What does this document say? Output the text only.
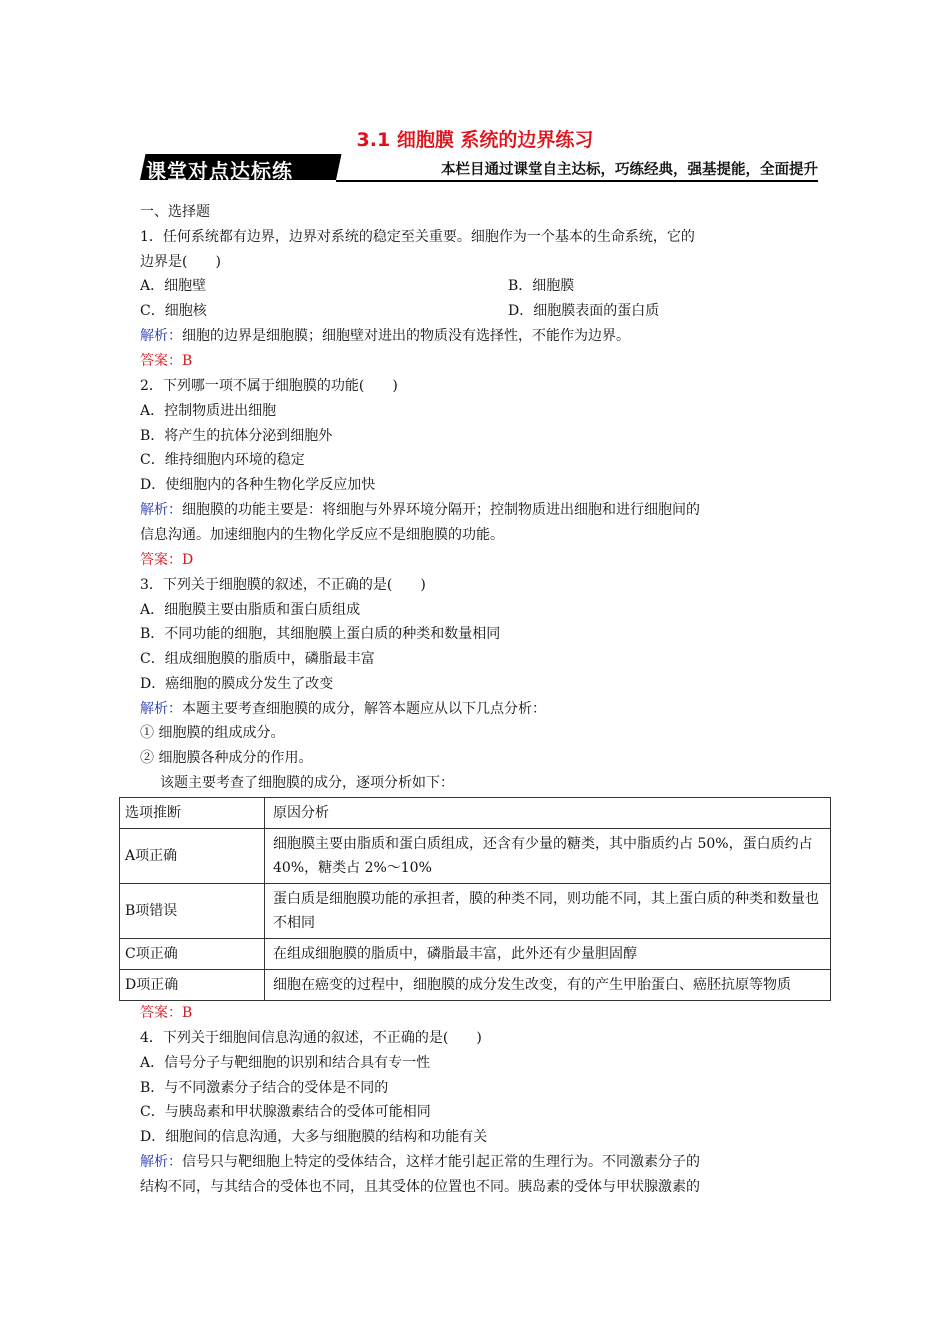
3.1 细胞膜 系统的边界练习
课堂对点达标练	本栏目通过课堂自主达标，巧练经典，强基提能，全面提升
一、选择题
1．任何系统都有边界，边界对系统的稳定至关重要。细胞作为一个基本的生命系统，它的
边界是(　　)
A．细胞壁	B．细胞膜
C．细胞核	D．细胞膜表面的蛋白质
解析：细胞的边界是细胞膜；细胞壁对进出的物质没有选择性，不能作为边界。
答案：B
2．下列哪一项不属于细胞膜的功能(　　)
A．控制物质进出细胞
B．将产生的抗体分泌到细胞外
C．维持细胞内环境的稳定
D．使细胞内的各种生物化学反应加快
解析：细胞膜的功能主要是：将细胞与外界环境分隔开；控制物质进出细胞和进行细胞间的
信息沟通。加速细胞内的生物化学反应不是细胞膜的功能。
答案：D
3．下列关于细胞膜的叙述，不正确的是(　　)
A．细胞膜主要由脂质和蛋白质组成
B．不同功能的细胞，其细胞膜上蛋白质的种类和数量相同
C．组成细胞膜的脂质中，磷脂最丰富
D．癌细胞的膜成分发生了改变
解析：本题主要考查细胞膜的成分，解答本题应从以下几点分析：
① 细胞膜的组成成分。
② 细胞膜各种成分的作用。
该题主要考查了细胞膜的成分，逐项分析如下：
选项推断	原因分析
A项正确	细胞膜主要由脂质和蛋白质组成，还含有少量的糖类，其中脂质约占 50%，蛋白质约占 40%，糖类占 2%～10%
B项错误	蛋白质是细胞膜功能的承担者，膜的种类不同，则功能不同，其上蛋白质的种类和数量也不相同
C项正确	在组成细胞膜的脂质中，磷脂最丰富，此外还有少量胆固醇
D项正确	细胞在癌变的过程中，细胞膜的成分发生改变，有的产生甲胎蛋白、癌胚抗原等物质
答案：B
4．下列关于细胞间信息沟通的叙述，不正确的是(　　)
A．信号分子与靶细胞的识别和结合具有专一性
B．与不同激素分子结合的受体是不同的
C．与胰岛素和甲状腺激素结合的受体可能相同
D．细胞间的信息沟通，大多与细胞膜的结构和功能有关
解析：信号只与靶细胞上特定的受体结合，这样才能引起正常的生理行为。不同激素分子的
结构不同，与其结合的受体也不同，且其受体的位置也不同。胰岛素的受体与甲状腺激素的
